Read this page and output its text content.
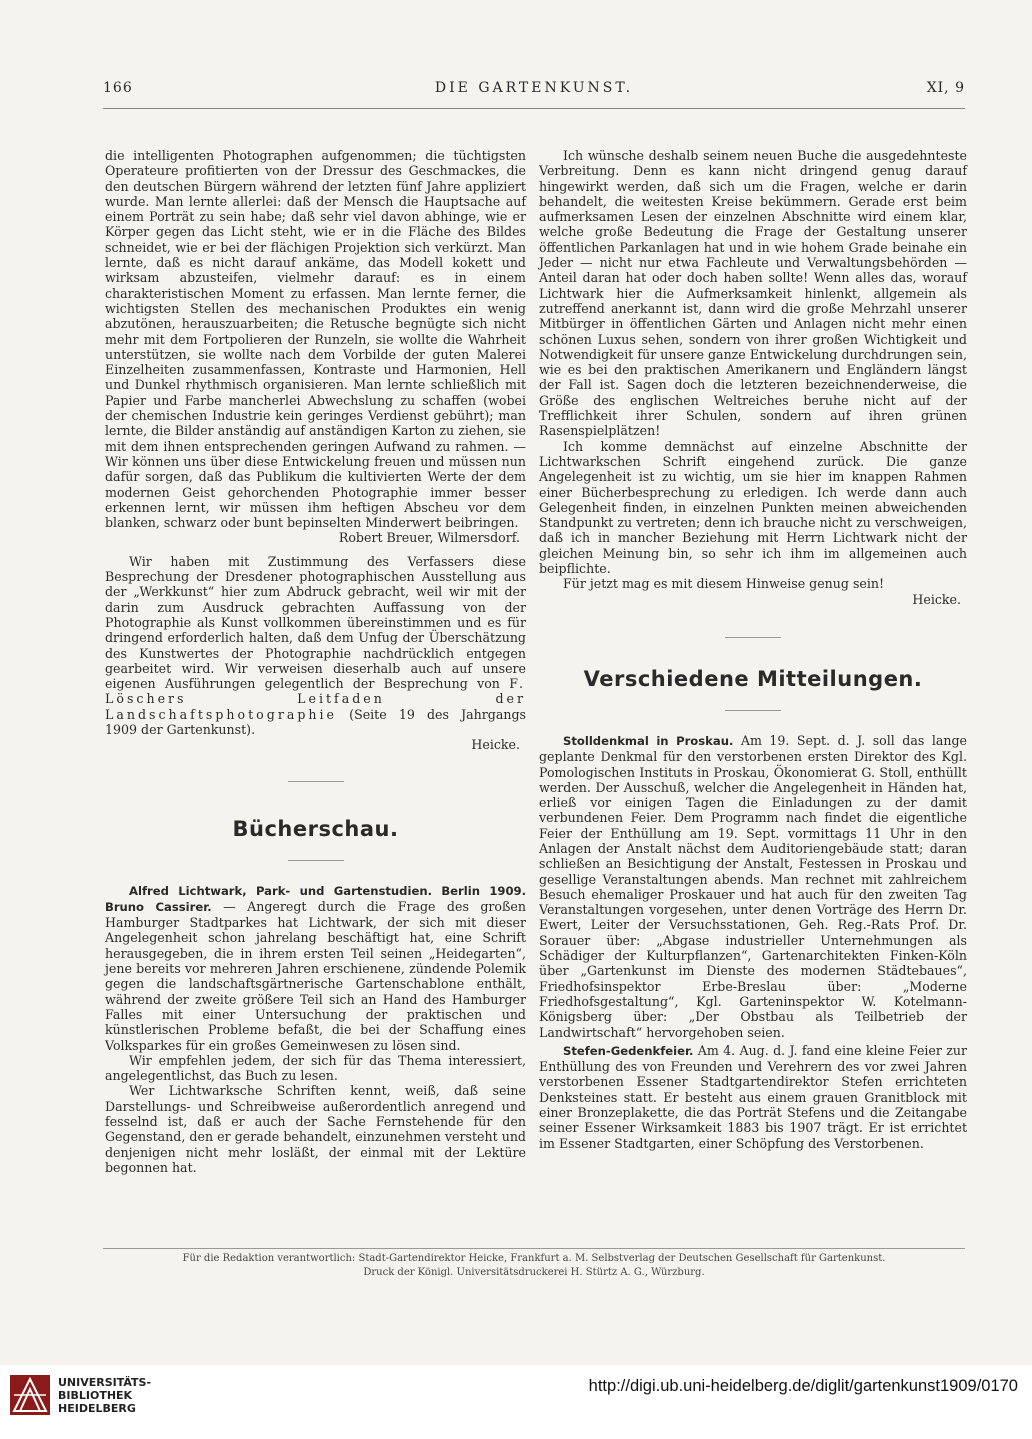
166	DIE GARTENKUNST.	XI, 9

die intelligenten Photographen aufgenommen; die tüchtigsten Operateure profitierten von der Dressur des Geschmackes, die den deutschen Bürgern während der letzten fünf Jahre appliziert wurde. Man lernte allerlei: daß der Mensch die Hauptsache auf einem Porträt zu sein habe; daß sehr viel davon abhinge, wie er Körper gegen das Licht steht, wie er in die Fläche des Bildes schneidet, wie er bei der flächigen Projektion sich verkürzt. Man lernte, daß es nicht darauf ankäme, das Modell kokett und wirksam abzusteifen, vielmehr darauf: es in einem charakteristischen Moment zu erfassen. Man lernte ferner, die wichtigsten Stellen des mechanischen Produktes ein wenig abzutönen, herauszuarbeiten; die Retusche begnügte sich nicht mehr mit dem Fortpolieren der Runzeln, sie wollte die Wahrheit unterstützen, sie wollte nach dem Vorbilde der guten Malerei Einzelheiten zusammenfassen, Kontraste und Harmonien, Hell und Dunkel rhythmisch organisieren. Man lernte schließlich mit Papier und Farbe mancherlei Abwechslung zu schaffen (wobei der chemischen Industrie kein geringes Verdienst gebührt); man lernte, die Bilder anständig auf anständigen Karton zu ziehen, sie mit dem ihnen entsprechenden geringen Aufwand zu rahmen. — Wir können uns über diese Entwickelung freuen und müssen nun dafür sorgen, daß das Publikum die kultivierten Werte der dem modernen Geist gehorchenden Photographie immer besser erkennen lernt, wir müssen ihm heftigen Abscheu vor dem blanken, schwarz oder bunt bepinselten Minderwert beibringen.

Robert Breuer, Wilmersdorf.

Wir haben mit Zustimmung des Verfassers diese Besprechung der Dresdener photographischen Ausstellung aus der „Werkkunst“ hier zum Abdruck gebracht, weil wir mit der darin zum Ausdruck gebrachten Auffassung von der Photographie als Kunst vollkommen übereinstimmen und es für dringend erforderlich halten, daß dem Unfug der Überschätzung des Kunstwertes der Photographie nachdrücklich entgegen gearbeitet wird. Wir verweisen dieserhalb auch auf unsere eigenen Ausführungen gelegentlich der Besprechung von F. Löschers Leitfaden der Landschaftsphotographie (Seite 19 des Jahrgangs 1909 der Gartenkunst).

Heicke.

Bücherschau.

Alfred Lichtwark, Park- und Gartenstudien. Berlin 1909. Bruno Cassirer. — Angeregt durch die Frage des großen Hamburger Stadtparkes hat Lichtwark, der sich mit dieser Angelegenheit schon jahrelang beschäftigt hat, eine Schrift herausgegeben, die in ihrem ersten Teil seinen „Heidegarten“, jene bereits vor mehreren Jahren erschienene, zündende Polemik gegen die landschaftsgärtnerische Gartenschablone enthält, während der zweite größere Teil sich an Hand des Hamburger Falles mit einer Untersuchung der praktischen und künstlerischen Probleme befaßt, die bei der Schaffung eines Volksparkes für ein großes Gemeinwesen zu lösen sind.

Wir empfehlen jedem, der sich für das Thema interessiert, angelegentlichst, das Buch zu lesen.

Wer Lichtwarksche Schriften kennt, weiß, daß seine Darstellungs- und Schreibweise außerordentlich anregend und fesselnd ist, daß er auch der Sache Fernstehende für den Gegenstand, den er gerade behandelt, einzunehmen versteht und denjenigen nicht mehr losläßt, der einmal mit der Lektüre begonnen hat.

Ich wünsche deshalb seinem neuen Buche die ausgedehnteste Verbreitung. Denn es kann nicht dringend genug darauf hingewirkt werden, daß sich um die Fragen, welche er darin behandelt, die weitesten Kreise bekümmern. Gerade erst beim aufmerksamen Lesen der einzelnen Abschnitte wird einem klar, welche große Bedeutung die Frage der Gestaltung unserer öffentlichen Parkanlagen hat und in wie hohem Grade beinahe ein Jeder — nicht nur etwa Fachleute und Verwaltungsbehörden — Anteil daran hat oder doch haben sollte! Wenn alles das, worauf Lichtwark hier die Aufmerksamkeit hinlenkt, allgemein als zutreffend anerkannt ist, dann wird die große Mehrzahl unserer Mitbürger in öffentlichen Gärten und Anlagen nicht mehr einen schönen Luxus sehen, sondern von ihrer großen Wichtigkeit und Notwendigkeit für unsere ganze Entwickelung durchdrungen sein, wie es bei den praktischen Amerikanern und Engländern längst der Fall ist. Sagen doch die letzteren bezeichnenderweise, die Größe des englischen Weltreiches beruhe nicht auf der Trefflichkeit ihrer Schulen, sondern auf ihren grünen Rasenspielplätzen!

Ich komme demnächst auf einzelne Abschnitte der Lichtwarkschen Schrift eingehend zurück. Die ganze Angelegenheit ist zu wichtig, um sie hier im knappen Rahmen einer Bücherbesprechung zu erledigen. Ich werde dann auch Gelegenheit finden, in einzelnen Punkten meinen abweichenden Standpunkt zu vertreten; denn ich brauche nicht zu verschweigen, daß ich in mancher Beziehung mit Herrn Lichtwark nicht der gleichen Meinung bin, so sehr ich ihm im allgemeinen auch beipflichte.

Für jetzt mag es mit diesem Hinweise genug sein!

Heicke.

Verschiedene Mitteilungen.

Stolldenkmal in Proskau. Am 19. Sept. d. J. soll das lange geplante Denkmal für den verstorbenen ersten Direktor des Kgl. Pomologischen Instituts in Proskau, Ökonomierat G. Stoll, enthüllt werden. Der Ausschuß, welcher die Angelegenheit in Händen hat, erließ vor einigen Tagen die Einladungen zu der damit verbundenen Feier. Dem Programm nach findet die eigentliche Feier der Enthüllung am 19. Sept. vormittags 11 Uhr in den Anlagen der Anstalt nächst dem Auditoriengebäude statt; daran schließen an Besichtigung der Anstalt, Festessen in Proskau und gesellige Veranstaltungen abends. Man rechnet mit zahlreichem Besuch ehemaliger Proskauer und hat auch für den zweiten Tag Veranstaltungen vorgesehen, unter denen Vorträge des Herrn Dr. Ewert, Leiter der Versuchsstationen, Geh. Reg.-Rats Prof. Dr. Sorauer über: „Abgase industrieller Unternehmungen als Schädiger der Kulturpflanzen“, Gartenarchitekten Finken-Köln über „Gartenkunst im Dienste des modernen Städtebaues“, Friedhofsinspektor Erbe-Breslau über: „Moderne Friedhofsgestaltung“, Kgl. Garteninspektor W. Kotelmann-Königsberg über: „Der Obstbau als Teilbetrieb der Landwirtschaft“ hervorgehoben seien.

Stefen-Gedenkfeier. Am 4. Aug. d. J. fand eine kleine Feier zur Enthüllung des von Freunden und Verehrern des vor zwei Jahren verstorbenen Essener Stadtgartendirektor Stefen errichteten Denksteines statt. Er besteht aus einem grauen Granitblock mit einer Bronzeplakette, die das Porträt Stefens und die Zeitangabe seiner Essener Wirksamkeit 1883 bis 1907 trägt. Er ist errichtet im Essener Stadtgarten, einer Schöpfung des Verstorbenen.

Für die Redaktion verantwortlich: Stadt-Gartendirektor Heicke, Frankfurt a. M. Selbstverlag der Deutschen Gesellschaft für Gartenkunst.
Druck der Königl. Universitätsdruckerei H. Stürtz A. G., Würzburg.
UNIVERSITÄTS-
BIBLIOTHEK
HEIDELBERG
http://digi.ub.uni-heidelberg.de/diglit/gartenkunst1909/0170
